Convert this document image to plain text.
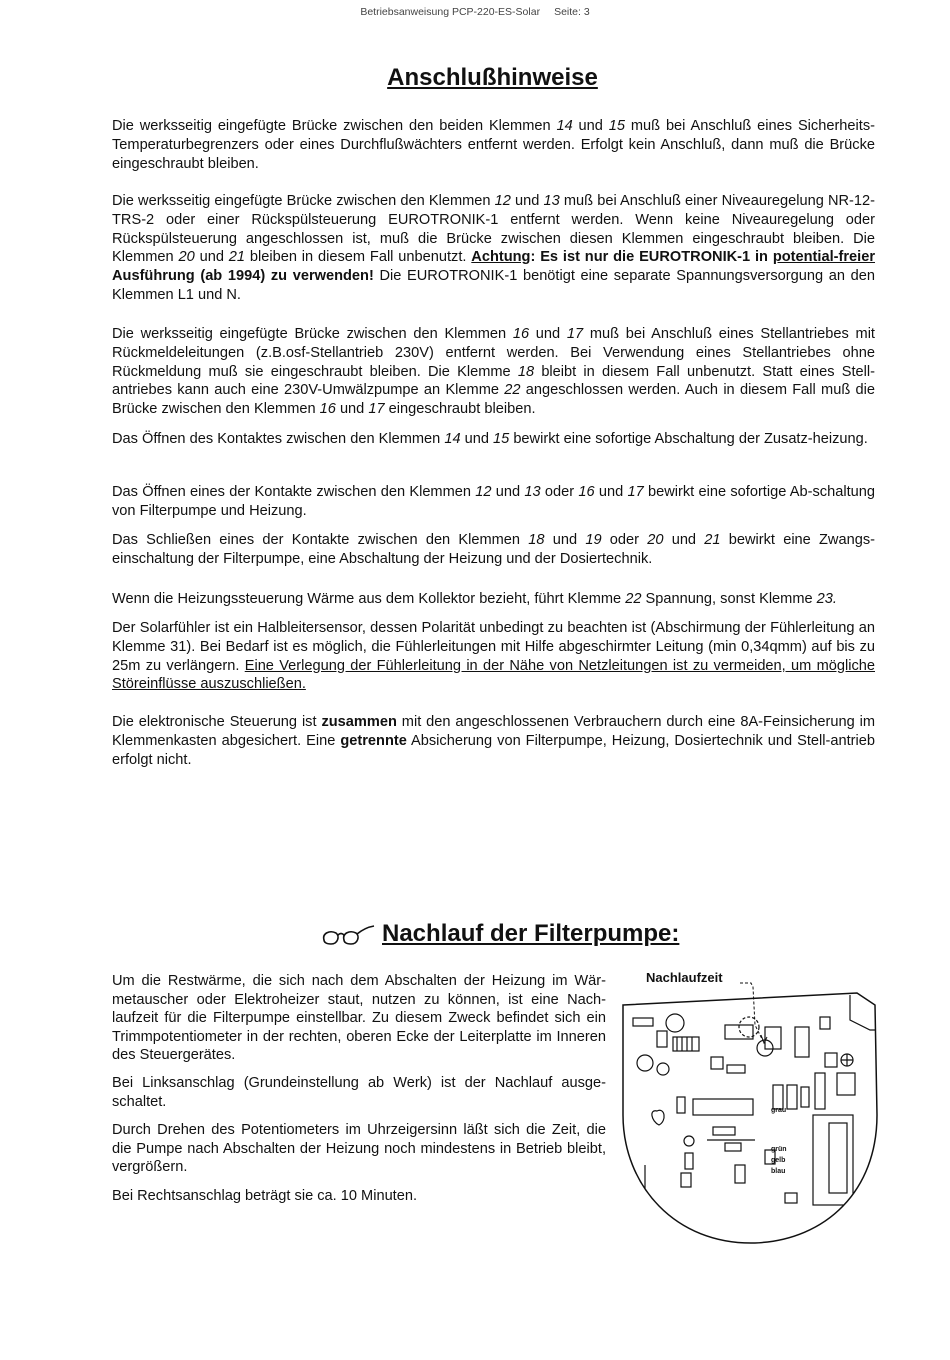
Betriebsanweisung PCP-220-ES-Solar Seite: 3
Anschlußhinweise

Die werksseitig eingefügte Brücke zwischen den beiden Klemmen 14 und 15 muß bei Anschluß eines Sicherheits-Temperaturbegrenzers oder eines Durchflußwächters entfernt werden. Erfolgt kein Anschluß, dann muß die Brücke eingeschraubt bleiben.

Die werksseitig eingefügte Brücke zwischen den Klemmen 12 und 13 muß bei Anschluß einer Niveauregelung NR-12-TRS-2 oder einer Rückspülsteuerung EUROTRONIK-1 entfernt werden. Wenn keine Niveauregelung oder Rückspülsteuerung angeschlossen ist, muß die Brücke zwischen diesen Klemmen eingeschraubt bleiben. Die Klemmen 20 und 21 bleiben in diesem Fall unbenutzt. Achtung: Es ist nur die EUROTRONIK-1 in potential-freier Ausführung (ab 1994) zu verwenden! Die EUROTRONIK-1 benötigt eine separate Spannungsversorgung an den Klemmen L1 und N.

Die werksseitig eingefügte Brücke zwischen den Klemmen 16 und 17 muß bei Anschluß eines Stellantriebes mit Rückmeldeleitungen (z.B.osf-Stellantrieb 230V) entfernt werden. Bei Verwendung eines Stellantriebes ohne Rückmeldung muß sie eingeschraubt bleiben. Die Klemme 18 bleibt in diesem Fall unbenutzt. Statt eines Stell-antriebes kann auch eine 230V-Umwälzpumpe an Klemme 22 angeschlossen werden. Auch in diesem Fall muß die Brücke zwischen den Klemmen 16 und 17 eingeschraubt bleiben.

Das Öffnen des Kontaktes zwischen den Klemmen 14 und 15 bewirkt eine sofortige Abschaltung der Zusatz-heizung.

Das Öffnen eines der Kontakte zwischen den Klemmen 12 und 13 oder 16 und 17 bewirkt eine sofortige Ab-schaltung von Filterpumpe und Heizung.

Das Schließen eines der Kontakte zwischen den Klemmen 18 und 19 oder 20 und 21 bewirkt eine Zwangs-einschaltung der Filterpumpe, eine Abschaltung der Heizung und der Dosiertechnik.

Wenn die Heizungssteuerung Wärme aus dem Kollektor bezieht, führt Klemme 22 Spannung, sonst Klemme 23.

Der Solarfühler ist ein Halbleitersensor, dessen Polarität unbedingt zu beachten ist (Abschirmung der Fühlerleitung an Klemme 31). Bei Bedarf ist es möglich, die Fühlerleitungen mit Hilfe abgeschirmter Leitung (min 0,34qmm) auf bis zu 25m zu verlängern. Eine Verlegung der Fühlerleitung in der Nähe von Netzleitungen ist zu vermeiden, um mögliche Störeinflüsse auszuschließen.

Die elektronische Steuerung ist zusammen mit den angeschlossenen Verbrauchern durch eine 8A-Feinsicherung im Klemmenkasten abgesichert. Eine getrennte Absicherung von Filterpumpe, Heizung, Dosiertechnik und Stell-antrieb erfolgt nicht.

Nachlauf der Filterpumpe:

Um die Restwärme, die sich nach dem Abschalten der Heizung im Wär-metauscher oder Elektroheizer staut, nutzen zu können, ist eine Nach-laufzeit für die Filterpumpe einstellbar. Zu diesem Zweck befindet sich ein Trimmpotentiometer in der rechten, oberen Ecke der Leiterplatte im Inneren des Steuergerätes.

Bei Linksanschlag (Grundeinstellung ab Werk) ist der Nachlauf ausge-schaltet.

Durch Drehen des Potentiometers im Uhrzeigersinn läßt sich die Zeit, die die Pumpe nach Abschalten der Heizung noch mindestens in Betrieb bleibt, vergrößern.

Bei Rechtsanschlag beträgt sie ca. 10 Minuten.

Nachlaufzeit
grau
grün
gelb
blau
